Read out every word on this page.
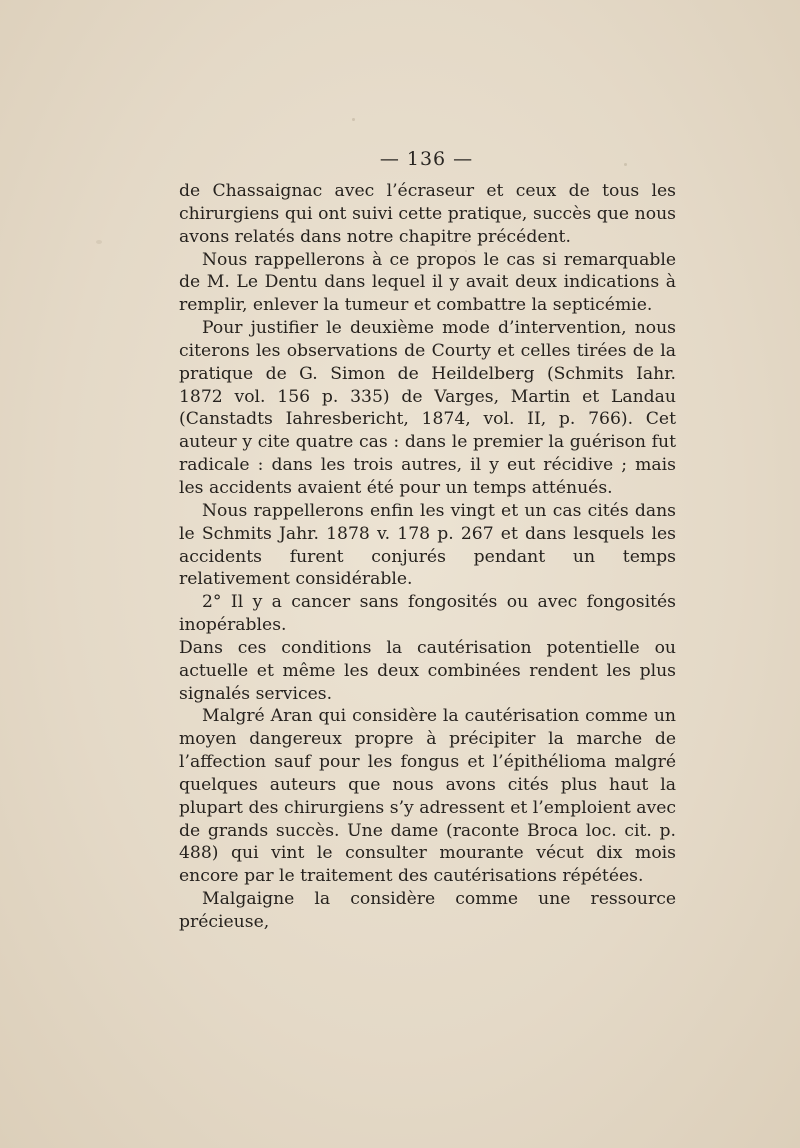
— 136 —

de Chassaignac avec l’écraseur et ceux de tous les chirurgiens qui ont suivi cette pratique, succès que nous avons relatés dans notre chapitre précédent.

Nous rappellerons à ce propos le cas si remarquable de M. Le Dentu dans lequel il y avait deux indications à remplir, enlever la tumeur et combattre la septicémie.

Pour justifier le deuxième mode d’intervention, nous citerons les observations de Courty et celles tirées de la pratique de G. Simon de Heildelberg (Schmits Iahr. 1872 vol. 156 p. 335) de Varges, Martin et Landau (Canstadts Iahresbericht, 1874, vol. II, p. 766). Cet auteur y cite quatre cas : dans le premier la guérison fut radicale : dans les trois autres, il y eut récidive ; mais les accidents avaient été pour un temps atténués.

Nous rappellerons enfin les vingt et un cas cités dans le Schmits Jahr. 1878 v. 178 p. 267 et dans lesquels les accidents furent conjurés pendant un temps relativement considérable.

2° Il y a cancer sans fongosités ou avec fongosités inopérables.

Dans ces conditions la cautérisation potentielle ou actuelle et même les deux combinées rendent les plus signalés services.

Malgré Aran qui considère la cautérisation comme un moyen dangereux propre à précipiter la marche de l’affection sauf pour les fongus et l’épithélioma malgré quelques auteurs que nous avons cités plus haut la plupart des chirurgiens s’y adressent et l’emploient avec de grands succès. Une dame (raconte Broca loc. cit. p. 488) qui vint le consulter mourante vécut dix mois encore par le traitement des cautérisations répétées.

Malgaigne la considère comme une ressource précieuse,
